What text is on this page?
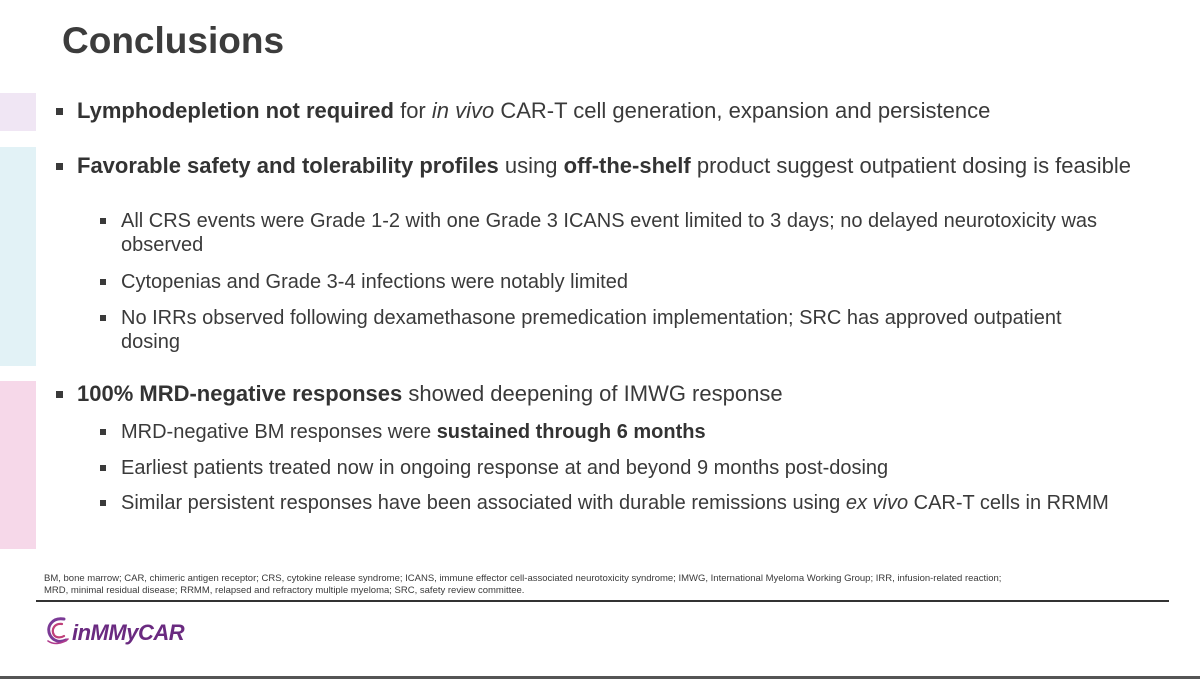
Conclusions
Lymphodepletion not required for in vivo CAR-T cell generation, expansion and persistence
Favorable safety and tolerability profiles using off-the-shelf product suggest outpatient dosing is feasible
All CRS events were Grade 1-2 with one Grade 3 ICANS event limited to 3 days; no delayed neurotoxicity was observed
Cytopenias and Grade 3-4 infections were notably limited
No IRRs observed following dexamethasone premedication implementation; SRC has approved outpatient dosing
100% MRD-negative responses showed deepening of IMWG response
MRD-negative BM responses were sustained through 6 months
Earliest patients treated now in ongoing response at and beyond 9 months post-dosing
Similar persistent responses have been associated with durable remissions using ex vivo CAR-T cells in RRMM
BM, bone marrow; CAR, chimeric antigen receptor; CRS, cytokine release syndrome; ICANS, immune effector cell-associated neurotoxicity syndrome; IMWG, International Myeloma Working Group; IRR, infusion-related reaction;
MRD, minimal residual disease; RRMM, relapsed and refractory multiple myeloma; SRC, safety review committee.
inMMyCAR
